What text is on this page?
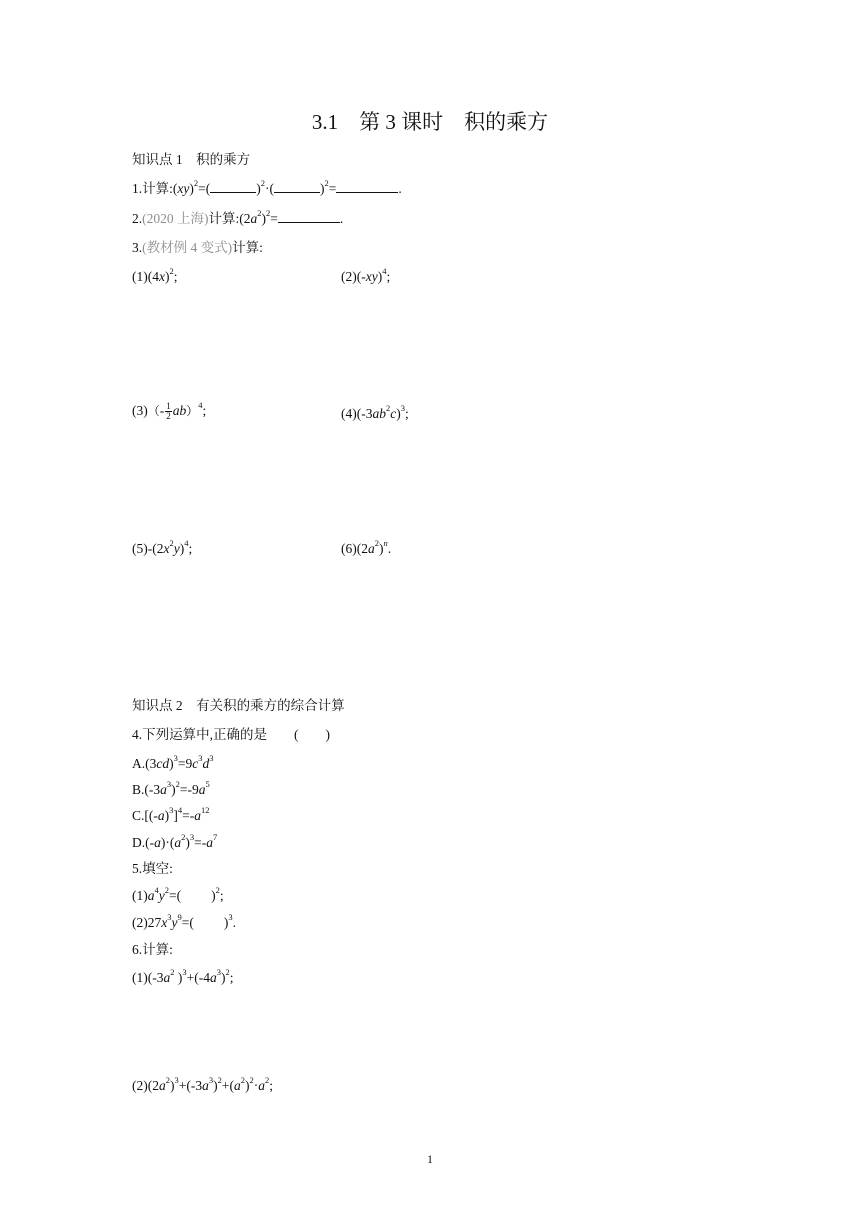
3.1 第 3 课时 积的乘方
知识点 1 积的乘方
1.计算:(xy)$^2$=(	)$^2$·(	)$^2$=	.
2.(2020 上海)计算$:(2a^2)^2=$	.
3.(教材例 4 变式)计算:
$(1)(4x)^2$;	$(2)(-xy)^4$;
$(3)(- \frac{1}{2} ab)^4$;	$(4)(-3ab^2c)^3$;
$(5)-(2x^2y)^4$;	$(6)(2a^2)^n$.
知识点 2 有关积的乘方的综合计算
4.下列运算中,正确的是 (　　)
$A.(3cd)^3=9c^3d^3$
$B.(-3a^3)^2=-9a^5$
$C.[(-a)^3]^4=-a^{12}$
$D.(-a)\cdot(a^2)^3=-a^7$
5.填空:
$(1)a^4y^2=$( )$^2$;
$(2)27x^3y^9=$( )$^3$.
6.计算:
$(1)(-3a^2$ )$^3+(-4a^3)^2$;
$(2)(2a^2)^3+(-3a^3)^2+(a^2)^2\cdot a^2$;
1
